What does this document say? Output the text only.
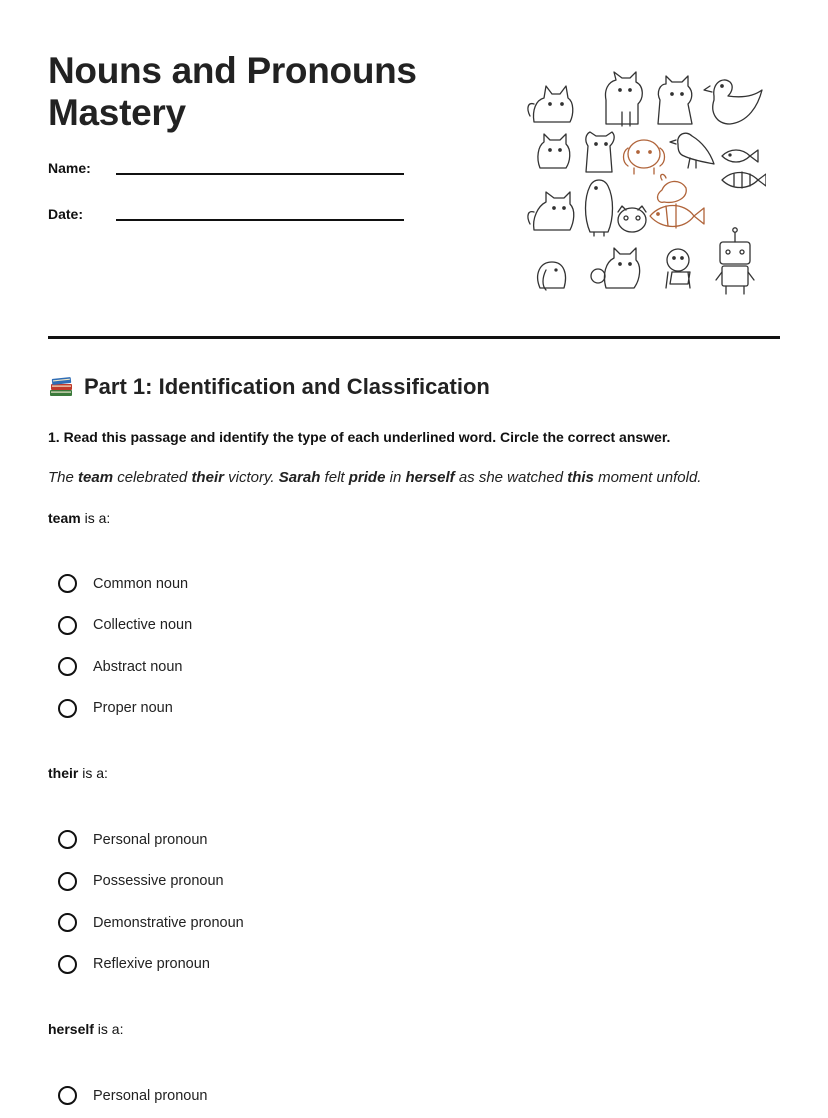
Nouns and Pronouns
Mastery
Name:
Date:
Part 1: Identification and Classification
1. Read this passage and identify the type of each underlined word. Circle the correct answer.
The team celebrated their victory. Sarah felt pride in herself as she watched this moment unfold.
team is a:
Common noun
Collective noun
Abstract noun
Proper noun
their is a:
Personal pronoun
Possessive pronoun
Demonstrative pronoun
Reflexive pronoun
herself is a:
Personal pronoun
